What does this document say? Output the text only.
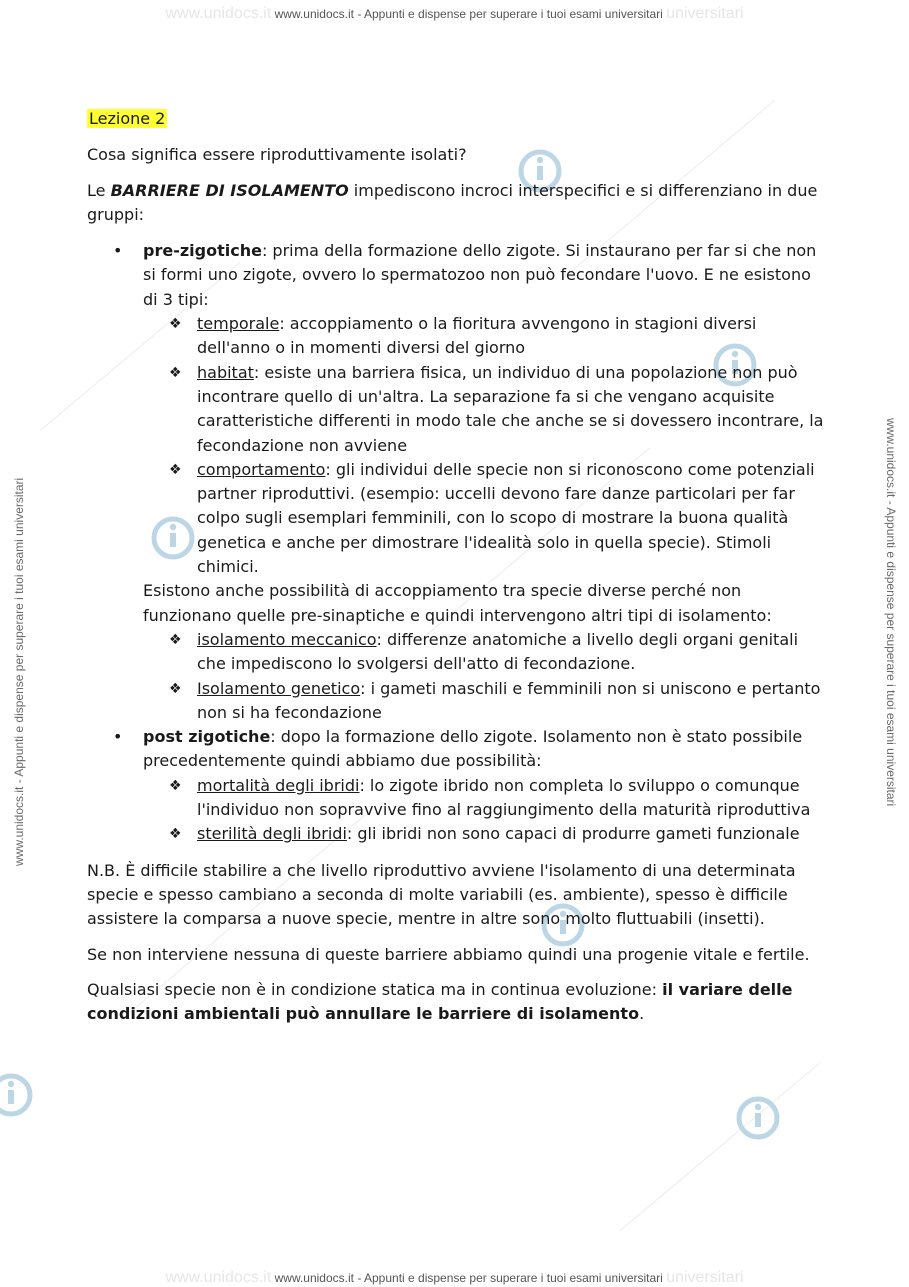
www.unidocs.it www.unidocs.it - Appunti e dispense per superare i tuoi esami universitari universitari
www.unidocs.it www.unidocs.it - Appunti e dispense per superare i tuoi esami universitari universitari
www.unidocs.it - Appunti e dispense per superare i tuoi esami universitari	www.unidocs.it - Appunti e dispense per superare i tuoi esami universitari

Lezione 2

Cosa significa essere riproduttivamente isolati?

Le BARRIERE DI ISOLAMENTO impediscono incroci interspecifici e si differenziano in due gruppi:

• pre-zigotiche: prima della formazione dello zigote. Si instaurano per far si che non si formi uno zigote, ovvero lo spermatozoo non può fecondare l'uovo. E ne esistono di 3 tipi:

❖ temporale: accoppiamento o la fioritura avvengono in stagioni diversi dell'anno o in momenti diversi del giorno
❖ habitat: esiste una barriera fisica, un individuo di una popolazione non può incontrare quello di un'altra. La separazione fa si che vengano acquisite caratteristiche differenti in modo tale che anche se si dovessero incontrare, la fecondazione non avviene
❖ comportamento: gli individui delle specie non si riconoscono come potenziali partner riproduttivi. (esempio: uccelli devono fare danze particolari per far colpo sugli esemplari femminili, con lo scopo di mostrare la buona qualità genetica e anche per dimostrare l'idealità solo in quella specie). Stimoli chimici.

Esistono anche possibilità di accoppiamento tra specie diverse perché non funzionano quelle pre-sinaptiche e quindi intervengono altri tipi di isolamento:

❖ isolamento meccanico: differenze anatomiche a livello degli organi genitali che impediscono lo svolgersi dell'atto di fecondazione.
❖ Isolamento genetico: i gameti maschili e femminili non si uniscono e pertanto non si ha fecondazione
• post zigotiche: dopo la formazione dello zigote. Isolamento non è stato possibile precedentemente quindi abbiamo due possibilità:

❖ mortalità degli ibridi: lo zigote ibrido non completa lo sviluppo o comunque l'individuo non sopravvive fino al raggiungimento della maturità riproduttiva
❖ sterilità degli ibridi: gli ibridi non sono capaci di produrre gameti funzionale

N.B. È difficile stabilire a che livello riproduttivo avviene l'isolamento di una determinata specie e spesso cambiano a seconda di molte variabili (es. ambiente), spesso è difficile assistere la comparsa a nuove specie, mentre in altre sono molto fluttuabili (insetti).

Se non interviene nessuna di queste barriere abbiamo quindi una progenie vitale e fertile.

Qualsiasi specie non è in condizione statica ma in continua evoluzione: il variare delle condizioni ambientali può annullare le barriere di isolamento.
